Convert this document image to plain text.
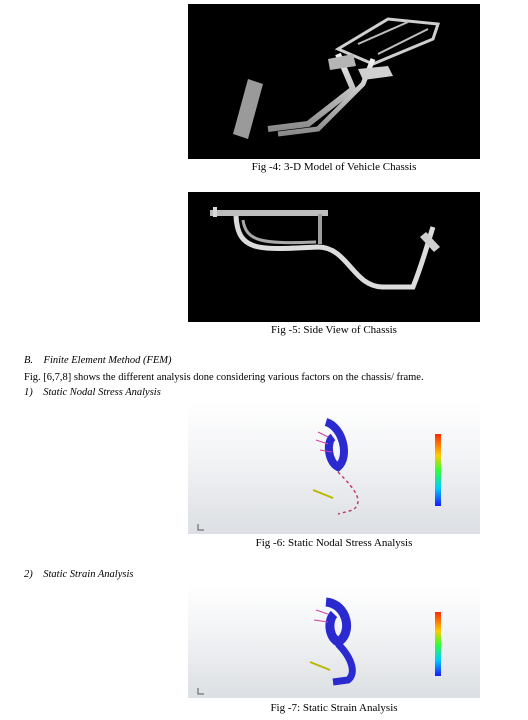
Fig -4: 3-D Model of Vehicle Chassis
Fig -5: Side View of Chassis
B. Finite Element Method (FEM)
Fig. [6,7,8] shows the different analysis done considering various factors on the chassis/ frame.
1) Static Nodal Stress Analysis
Fig -6: Static Nodal Stress Analysis
2) Static Strain Analysis
Fig -7: Static Strain Analysis
